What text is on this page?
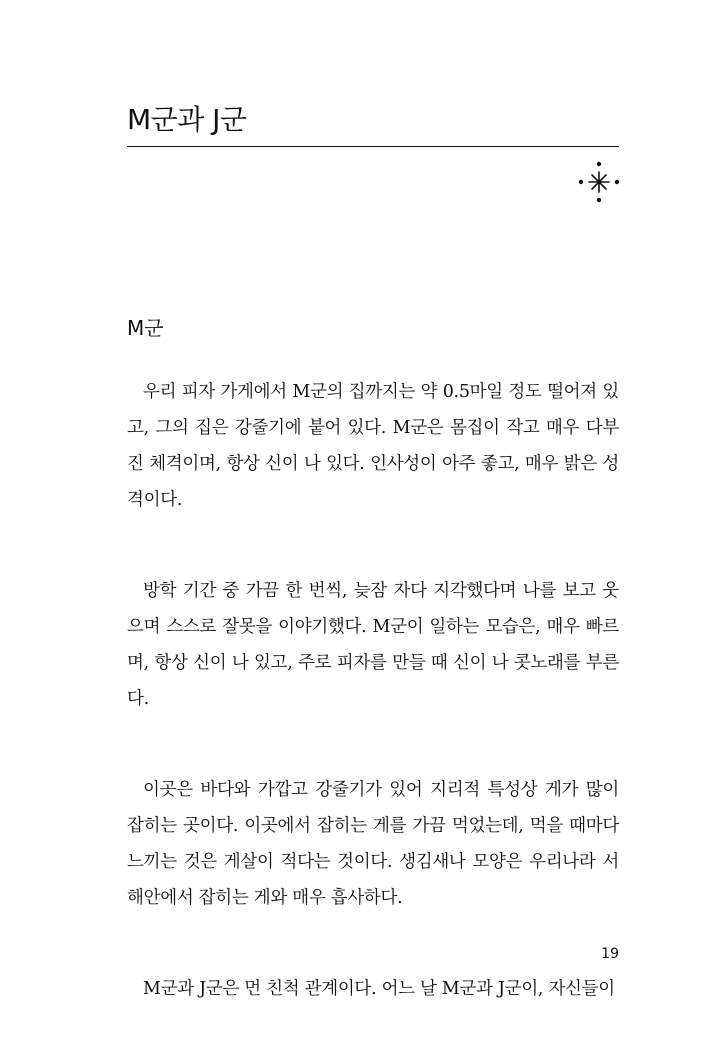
M군과 J군
M군

우리 피자 가게에서 M군의 집까지는 약 0.5마일 정도 떨어져 있고, 그의 집은 강줄기에 붙어 있다. M군은 몸집이 작고 매우 다부진 체격이며, 항상 신이 나 있다. 인사성이 아주 좋고, 매우 밝은 성격이다.

방학 기간 중 가끔 한 번씩, 늦잠 자다 지각했다며 나를 보고 웃으며 스스로 잘못을 이야기했다. M군이 일하는 모습은, 매우 빠르며, 항상 신이 나 있고, 주로 피자를 만들 때 신이 나 콧노래를 부른다.

이곳은 바다와 가깝고 강줄기가 있어 지리적 특성상 게가 많이 잡히는 곳이다. 이곳에서 잡히는 게를 가끔 먹었는데, 먹을 때마다 느끼는 것은 게살이 적다는 것이다. 생김새나 모양은 우리나라 서해안에서 잡히는 게와 매우 흡사하다.

M군과 J군은 먼 친척 관계이다. 어느 날 M군과 J군이, 자신들이

19
